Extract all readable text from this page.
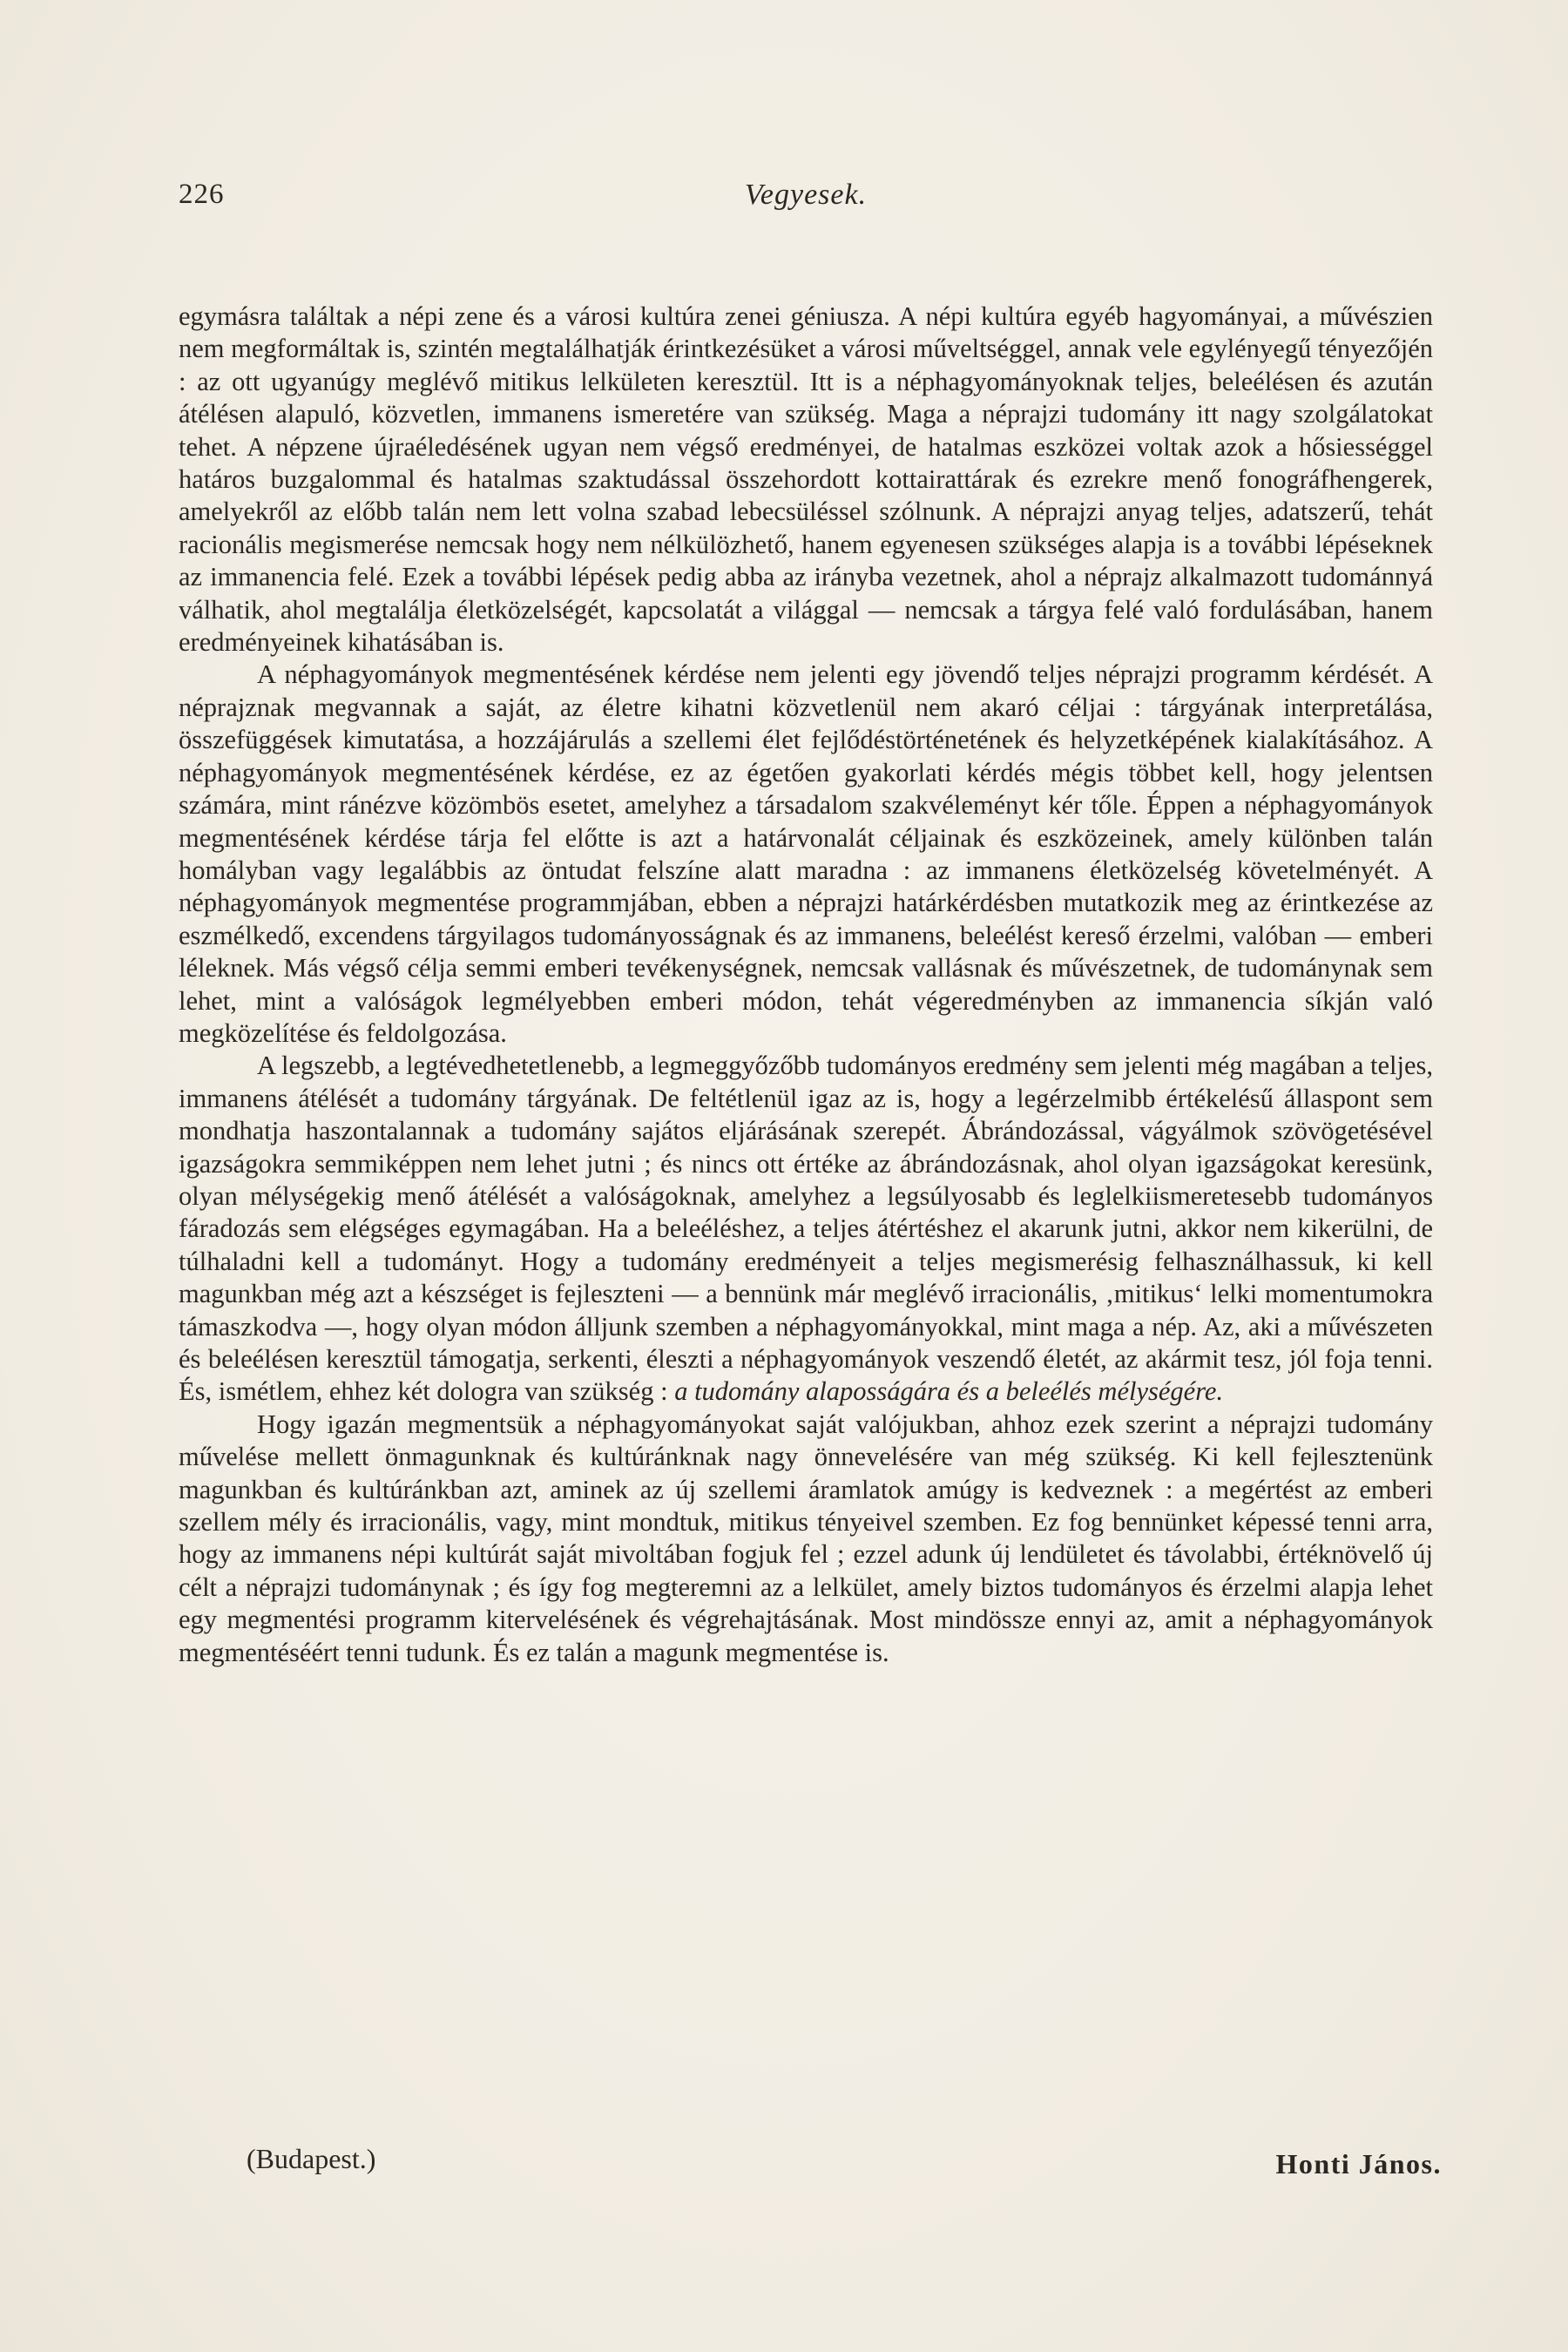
226	Vegyesek.

egymásra találtak a népi zene és a városi kultúra zenei géniusza. A népi kultúra egyéb hagyományai, a művészien nem megformáltak is, szintén megtalálhatják érintkezésüket a városi műveltséggel, annak vele egylényegű tényezőjén : az ott ugyanúgy meglévő mitikus lelkületen keresztül. Itt is a néphagyományoknak teljes, beleélésen és azután átélésen alapuló, közvetlen, immanens ismeretére van szükség. Maga a néprajzi tudomány itt nagy szolgálatokat tehet. A népzene újraéledésének ugyan nem végső eredményei, de hatalmas eszközei voltak azok a hősiességgel határos buzgalommal és hatalmas szaktudással összehordott kottairattárak és ezrekre menő fonográfhengerek, amelyekről az előbb talán nem lett volna szabad lebecsüléssel szólnunk. A néprajzi anyag teljes, adatszerű, tehát racionális megismerése nemcsak hogy nem nélkülözhető, hanem egyenesen szükséges alapja is a további lépéseknek az immanencia felé. Ezek a további lépések pedig abba az irányba vezetnek, ahol a néprajz alkalmazott tudománnyá válhatik, ahol megtalálja életközelségét, kapcsolatát a világgal — nemcsak a tárgya felé való fordulásában, hanem eredményeinek kihatásában is.

A néphagyományok megmentésének kérdése nem jelenti egy jövendő teljes néprajzi programm kérdését. A néprajznak megvannak a saját, az életre kihatni közvetlenül nem akaró céljai : tárgyának interpretálása, összefüggések kimutatása, a hozzájárulás a szellemi élet fejlődéstörténetének és helyzetképének kialakításához. A néphagyományok megmentésének kérdése, ez az égetően gyakorlati kérdés mégis többet kell, hogy jelentsen számára, mint ránézve közömbös esetet, amelyhez a társadalom szakvéleményt kér tőle. Éppen a néphagyományok megmentésének kérdése tárja fel előtte is azt a határvonalát céljainak és eszközeinek, amely különben talán homályban vagy legalábbis az öntudat felszíne alatt maradna : az immanens életközelség követelményét. A néphagyományok megmentése programmjában, ebben a néprajzi határkérdésben mutatkozik meg az érintkezése az eszmélkedő, excendens tárgyilagos tudományosságnak és az immanens, beleélést kereső érzelmi, valóban — emberi léleknek. Más végső célja semmi emberi tevékenységnek, nemcsak vallásnak és művészetnek, de tudománynak sem lehet, mint a valóságok legmélyebben emberi módon, tehát végeredményben az immanencia síkján való megközelítése és feldolgozása.

A legszebb, a legtévedhetetlenebb, a legmeggyőzőbb tudományos eredmény sem jelenti még magában a teljes, immanens átélését a tudomány tárgyának. De feltétlenül igaz az is, hogy a legérzelmibb értékelésű állaspont sem mondhatja haszontalannak a tudomány sajátos eljárásának szerepét. Ábrándozással, vágyálmok szövögetésével igazságokra semmiképpen nem lehet jutni ; és nincs ott értéke az ábrándozásnak, ahol olyan igazságokat keresünk, olyan mélységekig menő átélését a valóságoknak, amelyhez a legsúlyosabb és leglelkiismeretesebb tudományos fáradozás sem elégséges egymagában. Ha a beleéléshez, a teljes átértéshez el akarunk jutni, akkor nem kikerülni, de túlhaladni kell a tudományt. Hogy a tudomány eredményeit a teljes megismerésig felhasználhassuk, ki kell magunkban még azt a készséget is fejleszteni — a bennünk már meglévő irracionális, ‚mitikus‘ lelki momentumokra támaszkodva —, hogy olyan módon álljunk szemben a néphagyományokkal, mint maga a nép. Az, aki a művészeten és beleélésen keresztül támogatja, serkenti, éleszti a néphagyományok veszendő életét, az akármit tesz, jól foja tenni. És, ismétlem, ehhez két dologra van szükség : a tudomány alaposságára és a beleélés mélységére.

Hogy igazán megmentsük a néphagyományokat saját valójukban, ahhoz ezek szerint a néprajzi tudomány művelése mellett önmagunknak és kultúránknak nagy önnevelésére van még szükség. Ki kell fejlesztenünk magunkban és kultúránkban azt, aminek az új szellemi áramlatok amúgy is kedveznek : a megértést az emberi szellem mély és irracionális, vagy, mint mondtuk, mitikus tényeivel szemben. Ez fog bennünket képessé tenni arra, hogy az immanens népi kultúrát saját mivoltában fogjuk fel ; ezzel adunk új lendületet és távolabbi, értéknövelő új célt a néprajzi tudománynak ; és így fog megteremni az a lelkület, amely biztos tudományos és érzelmi alapja lehet egy megmentési programm kitervelésének és végrehajtásának. Most mindössze ennyi az, amit a néphagyományok megmentéséért tenni tudunk. És ez talán a magunk megmentése is.

(Budapest.)	Honti János.
